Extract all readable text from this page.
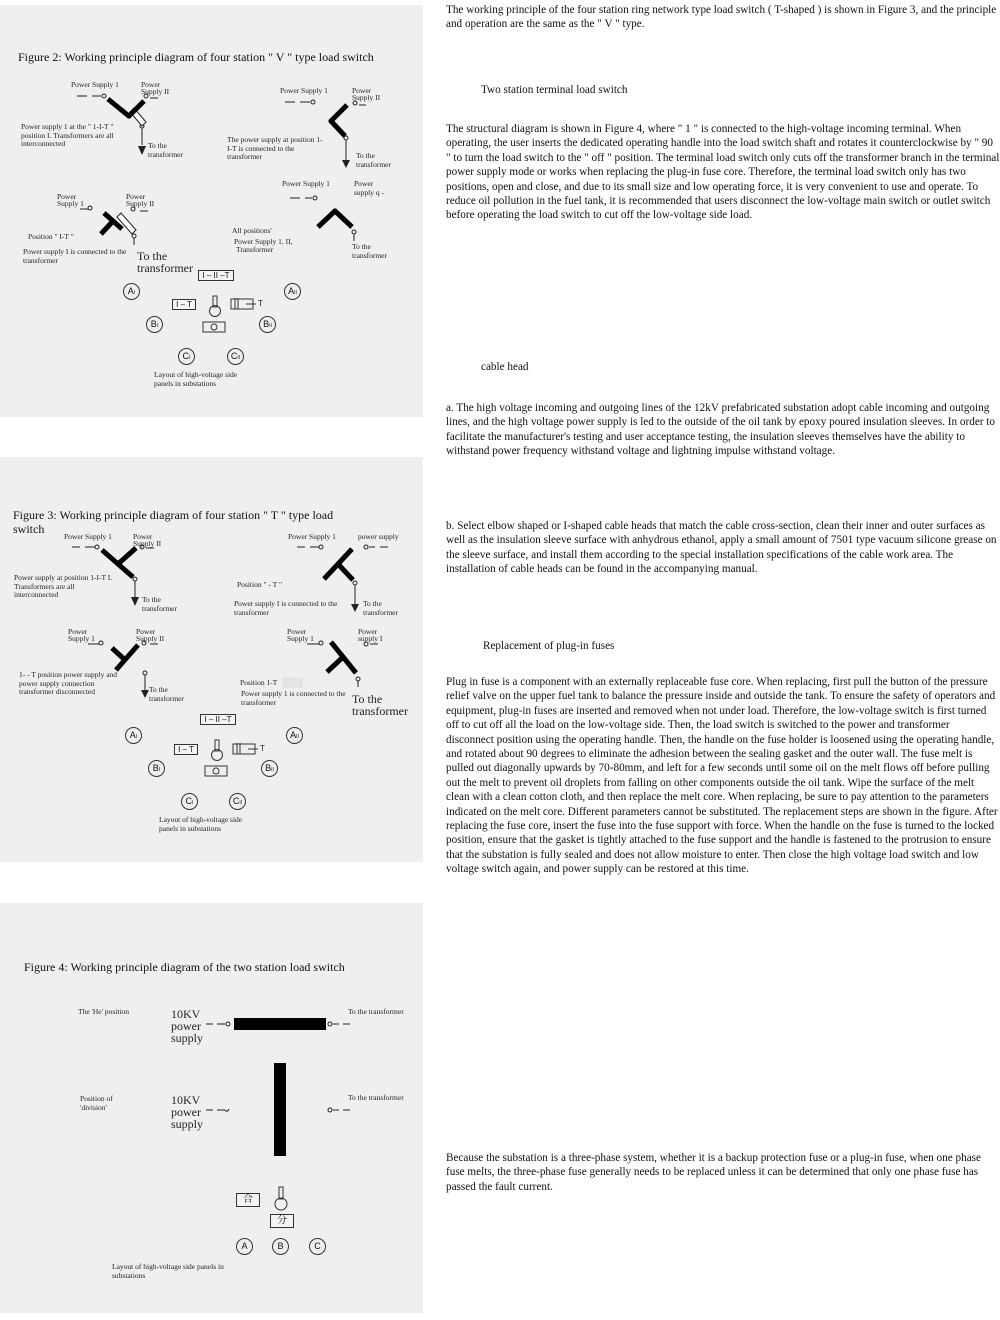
Figure 2: Working principle diagram of four station " V " type load switch
Power Supply 1	Power
Supply II
Power supply 1 at the " 1-I-T " position I. Transformers are all interconnected	To the transformer
Power Supply 1	Power
Supply II
The power supply at position 1-I-T is connected to the transformer	To the transformer
Power
Supply 1
Power
Supply II
Position " I-T "
Power supply I is connected to the transformer	To the transformer
Power Supply 1	Power supply q -
All positions'
Power Supply 1, II,
Transformer	To the transformer
I – II –T
AI	AII
I – T	T
BI	BII
CI	CII
Layout of high-voltage side panels in substations
Figure 3: Working principle diagram of four station " T " type load switch
Power Supply 1	Power
Supply II
Power supply at position 1-I-T I. Transformers are all interconnected
To the transformer
Power Supply 1	power supply
Position " - T "
Power supply I is connected to the transformer
To the transformer
Power
Supply 1
Power
Supply II
1- - T position power supply and power supply connection transformer disconnected	To the transformer
Power
Supply 1
Power
supply I
Position 1-T
Power supply 1 is connected to the transformer	To the transformer
I – II –T
AI	AII
I – T	T
BI	BII
CI	CII
Layout of high-voltage side panels in substations
Figure 4: Working principle diagram of the two station load switch
The 'He' position	10KV power supply
To the transformer
Position of 'division'	10KV power supply
To the transformer
合
分
A	B	C
Layout of high-voltage side panels in substations

The working principle of the four station ring network type load switch ( T-shaped ) is shown in Figure 3, and the principle and operation are the same as the " V " type.

Two station terminal load switch

The structural diagram is shown in Figure 4, where " 1 " is connected to the high-voltage incoming terminal. When operating, the user inserts the dedicated operating handle into the load switch shaft and rotates it counterclockwise by " 90 " to turn the load switch to the " off " position. The terminal load switch only cuts off the transformer branch in the terminal power supply mode or works when replacing the plug-in fuse core. Therefore, the terminal load switch only has two positions, open and close, and due to its small size and low operating force, it is very convenient to use and operate. To reduce oil pollution in the fuel tank, it is recommended that users disconnect the low-voltage main switch or outlet switch before operating the load switch to cut off the low-voltage side load.

cable head

a. The high voltage incoming and outgoing lines of the 12kV prefabricated substation adopt cable incoming and outgoing lines, and the high voltage power supply is led to the outside of the oil tank by epoxy poured insulation sleeves. In order to facilitate the manufacturer's testing and user acceptance testing, the insulation sleeves themselves have the ability to withstand power frequency withstand voltage and lightning impulse withstand voltage.

b. Select elbow shaped or I-shaped cable heads that match the cable cross-section, clean their inner and outer surfaces as well as the insulation sleeve surface with anhydrous ethanol, apply a small amount of 7501 type vacuum silicone grease on the sleeve surface, and install them according to the special installation specifications of the cable work area. The installation of cable heads can be found in the accompanying manual.

Replacement of plug-in fuses

Plug in fuse is a component with an externally replaceable fuse core. When replacing, first pull the button of the pressure relief valve on the upper fuel tank to balance the pressure inside and outside the tank. To ensure the safety of operators and equipment, plug-in fuses are inserted and removed when not under load. Therefore, the low-voltage switch is first turned off to cut off all the load on the low-voltage side. Then, the load switch is switched to the power and transformer disconnect position using the operating handle. Then, the handle on the fuse holder is loosened using the operating handle, and rotated about 90 degrees to eliminate the adhesion between the sealing gasket and the outer wall. The fuse melt is pulled out diagonally upwards by 70-80mm, and left for a few seconds until some oil on the melt flows off before pulling out the melt to prevent oil droplets from falling on other components outside the oil tank. Wipe the surface of the melt clean with a clean cotton cloth, and then replace the melt core. When replacing, be sure to pay attention to the parameters indicated on the melt core. Different parameters cannot be substituted. The replacement steps are shown in the figure. After replacing the fuse core, insert the fuse into the fuse support with force. When the handle on the fuse is turned to the locked position, ensure that the gasket is tightly attached to the fuse support and the handle is fastened to the protrusion to ensure that the substation is fully sealed and does not allow moisture to enter. Then close the high voltage load switch and low voltage switch again, and power supply can be restored at this time.

Because the substation is a three-phase system, whether it is a backup protection fuse or a plug-in fuse, when one phase fuse melts, the three-phase fuse generally needs to be replaced unless it can be determined that only one phase fuse has passed the fault current.
